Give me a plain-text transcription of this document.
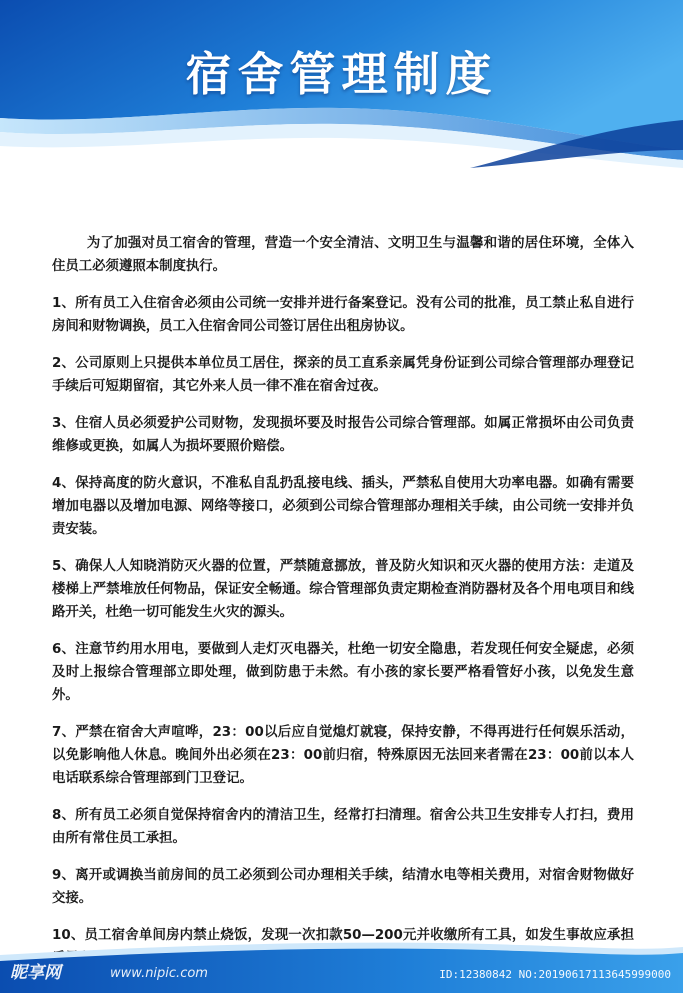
宿舍管理制度

为了加强对员工宿舍的管理，营造一个安全清洁、文明卫生与温馨和谐的居住环境，全体入住员工必须遵照本制度执行。

1、所有员工入住宿舍必须由公司统一安排并进行备案登记。没有公司的批准，员工禁止私自进行房间和财物调换，员工入住宿舍同公司签订居住出租房协议。

2、公司原则上只提供本单位员工居住，探亲的员工直系亲属凭身份证到公司综合管理部办理登记手续后可短期留宿，其它外来人员一律不准在宿舍过夜。

3、住宿人员必须爱护公司财物，发现损坏要及时报告公司综合管理部。如属正常损坏由公司负责维修或更换，如属人为损坏要照价赔偿。

4、保持高度的防火意识，不准私自乱扔乱接电线、插头，严禁私自使用大功率电器。如确有需要增加电器以及增加电源、网络等接口，必须到公司综合管理部办理相关手续，由公司统一安排并负责安装。

5、确保人人知晓消防灭火器的位置，严禁随意挪放，普及防火知识和灭火器的使用方法：走道及楼梯上严禁堆放任何物品，保证安全畅通。综合管理部负责定期检查消防器材及各个用电项目和线路开关，杜绝一切可能发生火灾的源头。

6、注意节约用水用电，要做到人走灯灭电器关，杜绝一切安全隐患，若发现任何安全疑虑，必须及时上报综合管理部立即处理，做到防患于未然。有小孩的家长要严格看管好小孩，以免发生意外。

7、严禁在宿舍大声喧哗，23：00以后应自觉熄灯就寝，保持安静，不得再进行任何娱乐活动，以免影响他人休息。晚间外出必须在23：00前归宿，特殊原因无法回来者需在23：00前以本人电话联系综合管理部到门卫登记。

8、所有员工必须自觉保持宿舍内的清洁卫生，经常打扫清理。宿舍公共卫生安排专人打扫，费用由所有常住员工承担。

9、离开或调换当前房间的员工必须到公司办理相关手续，结清水电等相关费用，对宿舍财物做好交接。

10、员工宿舍单间房内禁止烧饭，发现一次扣款50—200元并收缴所有工具，如发生事故应承担

昵享网	www.nipic.com	ID:12380842 NO:20190617113645999000
